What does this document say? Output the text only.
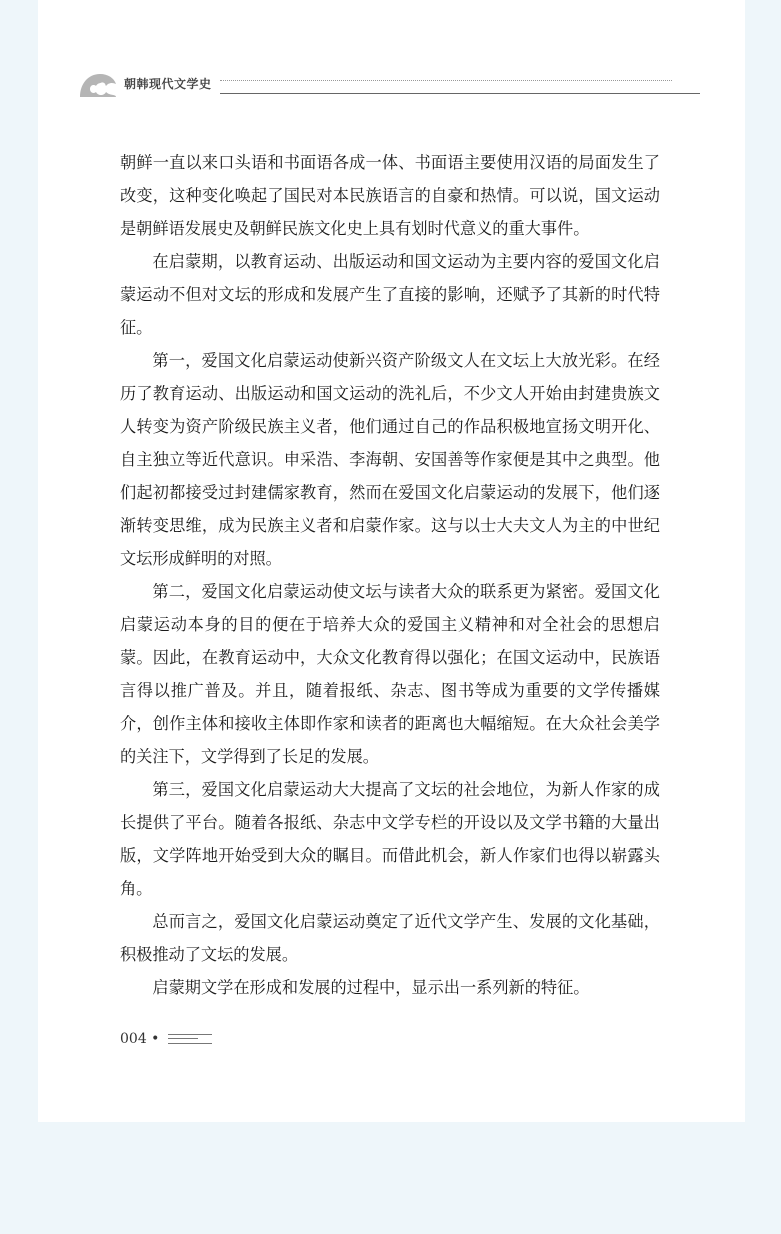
朝韩现代文学史

朝鲜一直以来口头语和书面语各成一体、书面语主要使用汉语的局面发生了改变，这种变化唤起了国民对本民族语言的自豪和热情。可以说，国文运动是朝鲜语发展史及朝鲜民族文化史上具有划时代意义的重大事件。

在启蒙期，以教育运动、出版运动和国文运动为主要内容的爱国文化启蒙运动不但对文坛的形成和发展产生了直接的影响，还赋予了其新的时代特征。

第一，爱国文化启蒙运动使新兴资产阶级文人在文坛上大放光彩。在经历了教育运动、出版运动和国文运动的洗礼后，不少文人开始由封建贵族文人转变为资产阶级民族主义者，他们通过自己的作品积极地宣扬文明开化、自主独立等近代意识。申采浩、李海朝、安国善等作家便是其中之典型。他们起初都接受过封建儒家教育，然而在爱国文化启蒙运动的发展下，他们逐渐转变思维，成为民族主义者和启蒙作家。这与以士大夫文人为主的中世纪文坛形成鲜明的对照。

第二，爱国文化启蒙运动使文坛与读者大众的联系更为紧密。爱国文化启蒙运动本身的目的便在于培养大众的爱国主义精神和对全社会的思想启蒙。因此，在教育运动中，大众文化教育得以强化；在国文运动中，民族语言得以推广普及。并且，随着报纸、杂志、图书等成为重要的文学传播媒介，创作主体和接收主体即作家和读者的距离也大幅缩短。在大众社会美学的关注下，文学得到了长足的发展。

第三，爱国文化启蒙运动大大提高了文坛的社会地位，为新人作家的成长提供了平台。随着各报纸、杂志中文学专栏的开设以及文学书籍的大量出版，文学阵地开始受到大众的瞩目。而借此机会，新人作家们也得以崭露头角。

总而言之，爱国文化启蒙运动奠定了近代文学产生、发展的文化基础，积极推动了文坛的发展。

启蒙期文学在形成和发展的过程中，显示出一系列新的特征。

004 •
